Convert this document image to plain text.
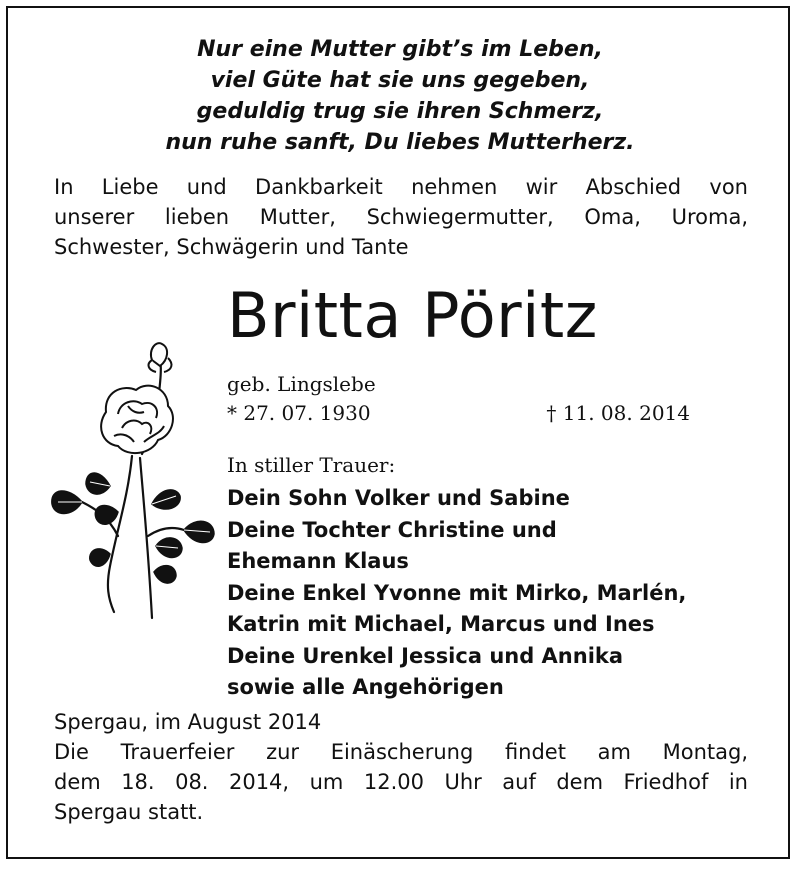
Nur eine Mutter gibt’s im Leben,
viel Güte hat sie uns gegeben,
geduldig trug sie ihren Schmerz,
nun ruhe sanft, Du liebes Mutterherz.
In Liebe und Dankbarkeit nehmen wir Abschied von
unserer lieben Mutter, Schwiegermutter, Oma, Uroma,
Schwester, Schwägerin und Tante
Britta Pöritz
geb. Lingslebe
* 27. 07. 1930	† 11. 08. 2014
In stiller Trauer:
Dein Sohn Volker und Sabine
Deine Tochter Christine und
Ehemann Klaus
Deine Enkel Yvonne mit Mirko, Marlén,
Katrin mit Michael, Marcus und Ines
Deine Urenkel Jessica und Annika
sowie alle Angehörigen
Spergau, im August 2014
Die Trauerfeier zur Einäscherung findet am Montag,
dem 18. 08. 2014, um 12.00 Uhr auf dem Friedhof in
Spergau statt.
